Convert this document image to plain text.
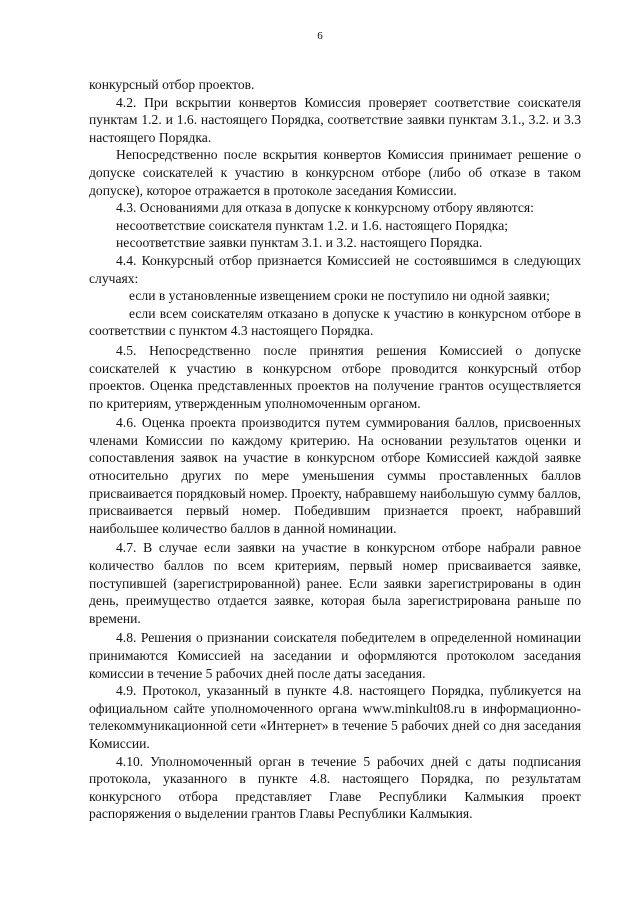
6

конкурсный отбор проектов.

4.2. При вскрытии конвертов Комиссия проверяет соответствие соискателя пунктам 1.2. и 1.6. настоящего Порядка, соответствие заявки пунктам 3.1., 3.2. и 3.3 настоящего Порядка.

Непосредственно после вскрытия конвертов Комиссия принимает решение о допуске соискателей к участию в конкурсном отборе (либо об отказе в таком допуске), которое отражается в протоколе заседания Комиссии.

4.3. Основаниями для отказа в допуске к конкурсному отбору являются:

несоответствие соискателя пунктам 1.2. и 1.6. настоящего Порядка;

несоответствие заявки пунктам 3.1. и 3.2. настоящего Порядка.

4.4. Конкурсный отбор признается Комиссией не состоявшимся в следующих случаях:

если в установленные извещением сроки не поступило ни одной заявки;

если всем соискателям отказано в допуске к участию в конкурсном отборе в соответствии с пунктом 4.3 настоящего Порядка.

4.5. Непосредственно после принятия решения Комиссией о допуске соискателей к участию в конкурсном отборе проводится конкурсный отбор проектов. Оценка представленных проектов на получение грантов осуществляется по критериям, утвержденным уполномоченным органом.

4.6. Оценка проекта производится путем суммирования баллов, присвоенных членами Комиссии по каждому критерию. На основании результатов оценки и сопоставления заявок на участие в конкурсном отборе Комиссией каждой заявке относительно других по мере уменьшения суммы проставленных баллов присваивается порядковый номер. Проекту, набравшему наибольшую сумму баллов, присваивается первый номер. Победившим признается проект, набравший наибольшее количество баллов в данной номинации.

4.7. В случае если заявки на участие в конкурсном отборе набрали равное количество баллов по всем критериям, первый номер присваивается заявке, поступившей (зарегистрированной) ранее. Если заявки зарегистрированы в один день, преимущество отдается заявке, которая была зарегистрирована раньше по времени.

4.8. Решения о признании соискателя победителем в определенной номинации принимаются Комиссией на заседании и оформляются протоколом заседания комиссии в течение 5 рабочих дней после даты заседания.

4.9. Протокол, указанный в пункте 4.8. настоящего Порядка, публикуется на официальном сайте уполномоченного органа www.minkult08.ru в информационно-телекоммуникационной сети «Интернет» в течение 5 рабочих дней со дня заседания Комиссии.

4.10. Уполномоченный орган в течение 5 рабочих дней с даты подписания протокола, указанного в пункте 4.8. настоящего Порядка, по результатам конкурсного отбора представляет Главе Республики Калмыкия проект распоряжения о выделении грантов Главы Республики Калмыкия.
